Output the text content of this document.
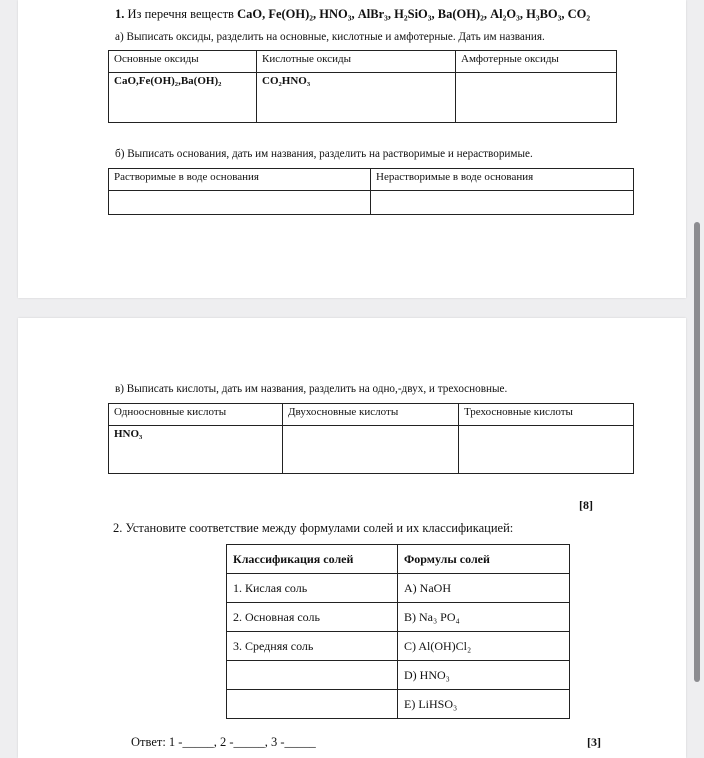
1. Из перечня веществ CaO, Fe(OH)₂, HNO₃, AlBr₃, H₂SiO₃, Ba(OH)₂, Al₂O₃, H₃BO₃, CO₂
а) Выписать оксиды, разделить на основные, кислотные и амфотерные. Дать им названия.
Основные оксиды	Кислотные оксиды	Амфотерные оксиды
CaO,Fe(OH)₂,Ba(OH)₂	CO₂HNO₃	
б) Выписать основания, дать им названия, разделить на растворимые и нерастворимые.
Растворимые в воде основания	Нерастворимые в воде основания

в) Выписать кислоты, дать им названия, разделить на одно,-двух, и трехосновные.
Одноосновные кислоты	Двухосновные кислоты	Трехосновные кислоты
HNO₃		
[8]
2. Установите соответствие между формулами солей и их классификацией:
Классификация солей	Формулы солей
1. Кислая соль	A) NaOH
2. Основная соль	B) Na₃ PO₄
3. Средняя соль	C) Al(OH)Cl₂
	D) HNO₃
	E) LiHSO₃
Ответ: 1 -_____, 2 -_____, 3 -_____	[3]
